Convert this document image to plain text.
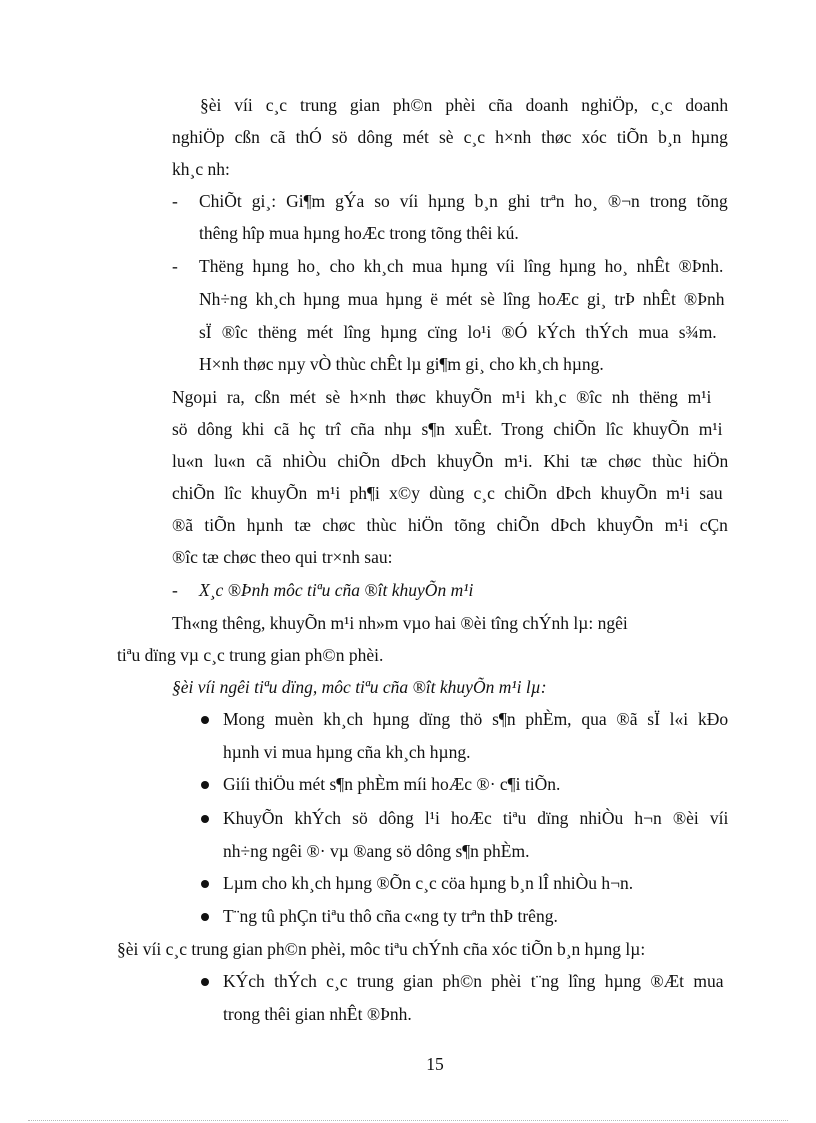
§èi víi c¸c trung gian ph©n phèi cña doanh nghiÖp, c¸c doanh
nghiÖp cßn cã thÓ sö dông mét sè c¸c h×nh thøc xóc tiÕn b¸n hµng
kh¸c nh:
- ChiÕt gi¸: Gi¶m gÝa so víi hµng b¸n ghi trªn ho¸ ®¬n trong tõng
thêng hîp mua hµng hoÆc trong tõng thêi kú.
- Thëng hµng ho¸ cho kh¸ch mua hµng víi lîng hµng ho¸ nhÊt ®Þnh.
Nh÷ng kh¸ch hµng mua hµng ë mét sè lîng hoÆc gi¸ trÞ nhÊt ®Þnh
sÏ ®îc thëng mét lîng hµng cïng lo¹i ®Ó kÝch thÝch mua s¾m.
H×nh thøc nµy vÒ thùc chÊt lµ gi¶m gi¸ cho kh¸ch hµng.
Ngoµi ra, cßn mét sè h×nh thøc khuyÕn m¹i kh¸c ®îc nh thëng m¹i
sö dông khi cã hç trî cña nhµ s¶n xuÊt. Trong chiÕn lîc khuyÕn m¹i
lu«n lu«n cã nhiÒu chiÕn dÞch khuyÕn m¹i. Khi tæ chøc thùc hiÖn
chiÕn lîc khuyÕn m¹i ph¶i x©y dùng c¸c chiÕn dÞch khuyÕn m¹i sau
®ã tiÕn hµnh tæ chøc thùc hiÖn tõng chiÕn dÞch khuyÕn m¹i cÇn
®îc tæ chøc theo qui tr×nh sau:
- X¸c ®Þnh môc tiªu cña ®ît khuyÕn m¹i
Th«ng thêng, khuyÕn m¹i nh»m vµo hai ®èi tîng chÝnh lµ: ngêi
tiªu dïng vµ c¸c trung gian ph©n phèi.
§èi víi ngêi tiªu dïng, môc tiªu cña ®ît khuyÕn m¹i lµ:
Mong muèn kh¸ch hµng dïng thö s¶n phÈm, qua ®ã sÏ l«i kÐo
hµnh vi mua hµng cña kh¸ch hµng.
Giíi thiÖu mét s¶n phÈm míi hoÆc ®· c¶i tiÕn.
KhuyÕn khÝch sö dông l¹i hoÆc tiªu dïng nhiÒu h¬n ®èi víi
nh÷ng ngêi ®· vµ ®ang sö dông s¶n phÈm.
Lµm cho kh¸ch hµng ®Õn c¸c cöa hµng b¸n lÎ nhiÒu h¬n.
T¨ng tû phÇn tiªu thô cña c«ng ty trªn thÞ trêng.
§èi víi c¸c trung gian ph©n phèi, môc tiªu chÝnh cña xóc tiÕn b¸n hµng lµ:
KÝch thÝch c¸c trung gian ph©n phèi t¨ng lîng hµng ®Æt mua
trong thêi gian nhÊt ®Þnh.
15
